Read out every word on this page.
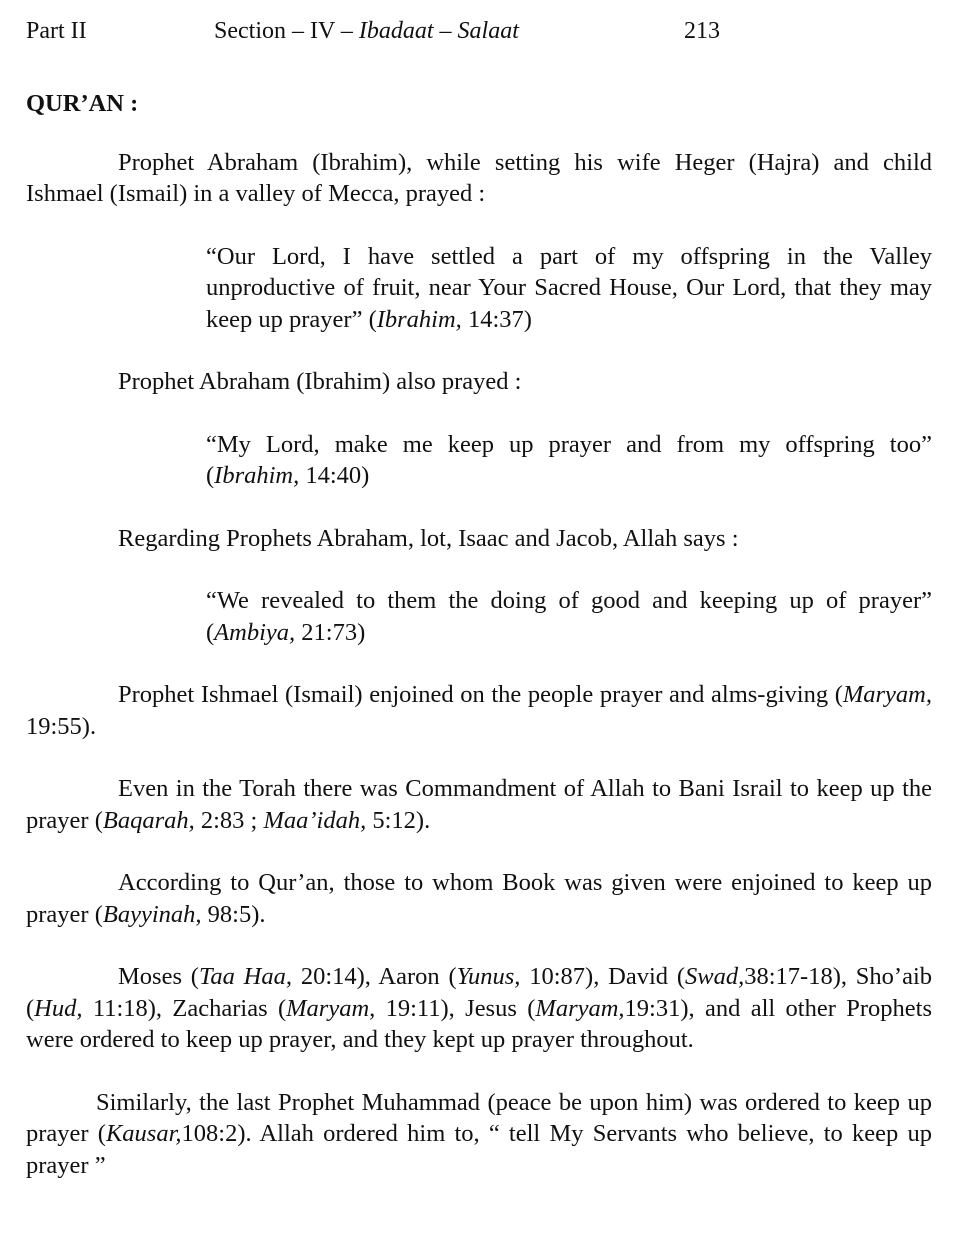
Part II	Section – IV – Ibadaat – Salaat	213
QUR’AN :

Prophet Abraham (Ibrahim), while setting his wife Heger (Hajra) and child Ishmael (Ismail) in a valley of Mecca, prayed :

“Our Lord, I have settled a part of my offspring in the Valley unproductive of fruit, near Your Sacred House, Our Lord, that they may keep up prayer” (Ibrahim, 14:37)

Prophet Abraham (Ibrahim) also prayed :

“My Lord, make me keep up prayer and from my offspring too” (Ibrahim, 14:40)

Regarding Prophets Abraham, lot, Isaac and Jacob, Allah says :

“We revealed to them the doing of good and keeping up of prayer” (Ambiya, 21:73)

Prophet Ishmael (Ismail) enjoined on the people prayer and alms-giving (Maryam, 19:55).

Even in the Torah there was Commandment of Allah to Bani Israil to keep up the prayer (Baqarah, 2:83 ; Maa’idah, 5:12).

According to Qur’an, those to whom Book was given were enjoined to keep up prayer (Bayyinah, 98:5).

Moses (Taa Haa, 20:14), Aaron (Yunus, 10:87), David (Swad,38:17-18), Sho’aib (Hud, 11:18), Zacharias (Maryam, 19:11), Jesus (Maryam,19:31), and all other Prophets were ordered to keep up prayer, and they kept up prayer throughout.

Similarly, the last Prophet Muhammad (peace be upon him) was ordered to keep up prayer (Kausar,108:2). Allah ordered him to, “ tell My Servants who believe, to keep up prayer ”
